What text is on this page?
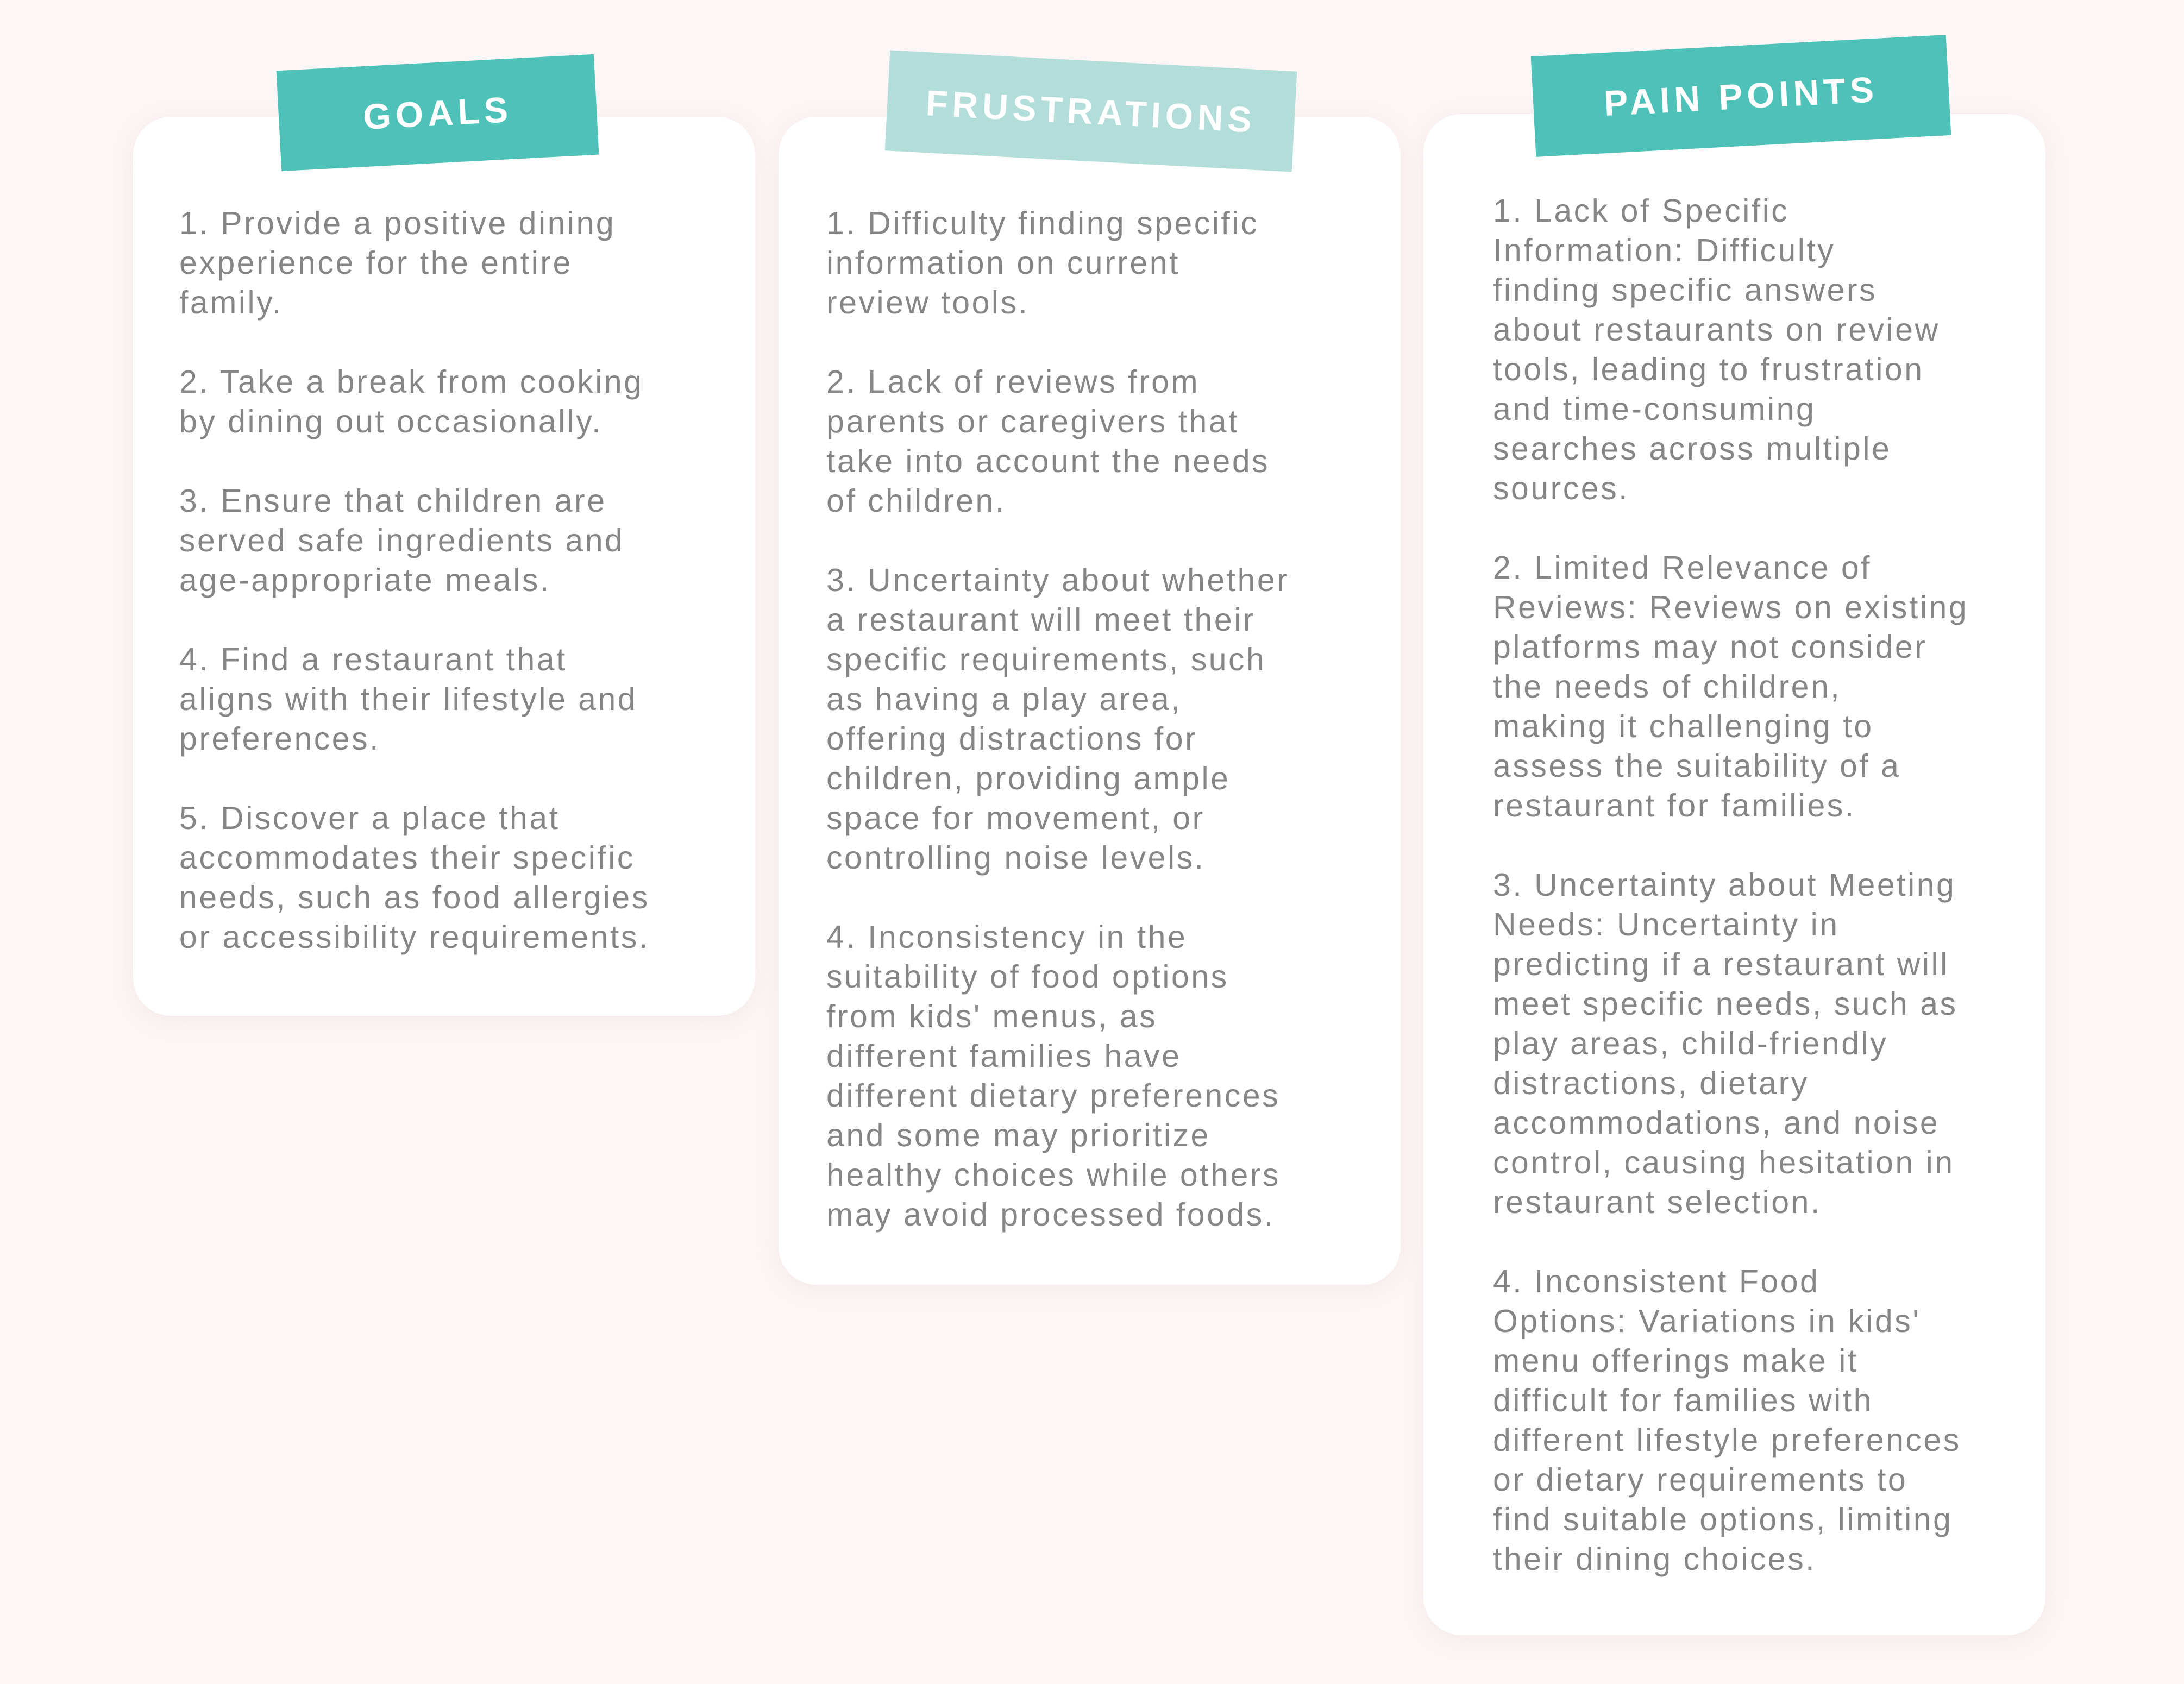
1. Provide a positive dining
experience for the entire
family.

2. Take a break from cooking
by dining out occasionally.

3. Ensure that children are
served safe ingredients and
age-appropriate meals.

4. Find a restaurant that
aligns with their lifestyle and
preferences.

5. Discover a place that
accommodates their specific
needs, such as food allergies
or accessibility requirements.

GOALS

1. Difficulty finding specific
information on current
review tools.

2. Lack of reviews from
parents or caregivers that
take into account the needs
of children.

3. Uncertainty about whether
a restaurant will meet their
specific requirements, such
as having a play area,
offering distractions for
children, providing ample
space for movement, or
controlling noise levels.

4. Inconsistency in the
suitability of food options
from kids' menus, as
different families have
different dietary preferences
and some may prioritize
healthy choices while others
may avoid processed foods.

FRUSTRATIONS

1. Lack of Specific
Information: Difficulty
finding specific answers
about restaurants on review
tools, leading to frustration
and time-consuming
searches across multiple
sources.

2. Limited Relevance of
Reviews: Reviews on existing
platforms may not consider
the needs of children,
making it challenging to
assess the suitability of a
restaurant for families.

3. Uncertainty about Meeting
Needs: Uncertainty in
predicting if a restaurant will
meet specific needs, such as
play areas, child-friendly
distractions, dietary
accommodations, and noise
control, causing hesitation in
restaurant selection.

4. Inconsistent Food
Options: Variations in kids'
menu offerings make it
difficult for families with
different lifestyle preferences
or dietary requirements to
find suitable options, limiting
their dining choices.

PAIN POINTS
